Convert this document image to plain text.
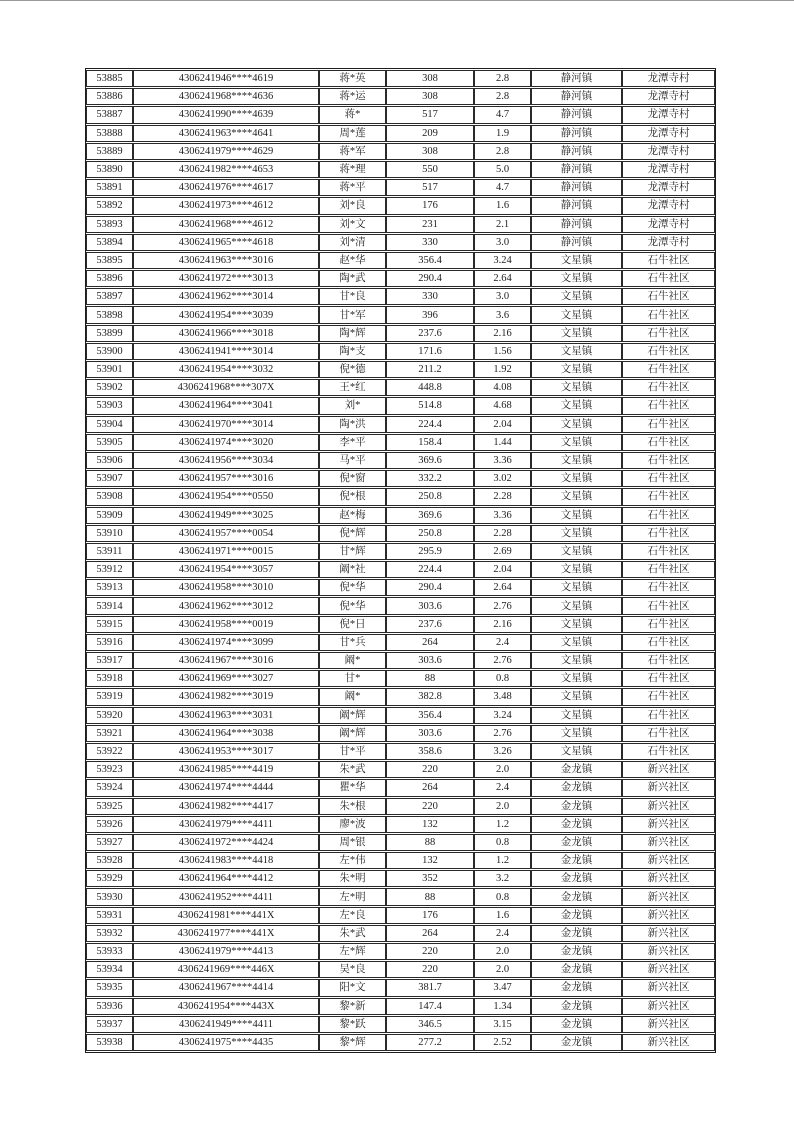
53885	4306241946****4619	蒋*英	308	2.8	静河镇	龙潭寺村
53886	4306241968****4636	蒋*运	308	2.8	静河镇	龙潭寺村
53887	4306241990****4639	蒋*	517	4.7	静河镇	龙潭寺村
53888	4306241963****4641	周*莲	209	1.9	静河镇	龙潭寺村
53889	4306241979****4629	蒋*军	308	2.8	静河镇	龙潭寺村
53890	4306241982****4653	蒋*理	550	5.0	静河镇	龙潭寺村
53891	4306241976****4617	蒋*平	517	4.7	静河镇	龙潭寺村
53892	4306241973****4612	刘*良	176	1.6	静河镇	龙潭寺村
53893	4306241968****4612	刘*文	231	2.1	静河镇	龙潭寺村
53894	4306241965****4618	刘*清	330	3.0	静河镇	龙潭寺村
53895	4306241963****3016	赵*华	356.4	3.24	文星镇	石牛社区
53896	4306241972****3013	陶*武	290.4	2.64	文星镇	石牛社区
53897	4306241962****3014	甘*良	330	3.0	文星镇	石牛社区
53898	4306241954****3039	甘*军	396	3.6	文星镇	石牛社区
53899	4306241966****3018	陶*辉	237.6	2.16	文星镇	石牛社区
53900	4306241941****3014	陶*支	171.6	1.56	文星镇	石牛社区
53901	4306241954****3032	倪*德	211.2	1.92	文星镇	石牛社区
53902	4306241968****307X	王*红	448.8	4.08	文星镇	石牛社区
53903	4306241964****3041	刘*	514.8	4.68	文星镇	石牛社区
53904	4306241970****3014	陶*洪	224.4	2.04	文星镇	石牛社区
53905	4306241974****3020	李*平	158.4	1.44	文星镇	石牛社区
53906	4306241956****3034	马*平	369.6	3.36	文星镇	石牛社区
53907	4306241957****3016	倪*窗	332.2	3.02	文星镇	石牛社区
53908	4306241954****0550	倪*根	250.8	2.28	文星镇	石牛社区
53909	4306241949****3025	赵*梅	369.6	3.36	文星镇	石牛社区
53910	4306241957****0054	倪*辉	250.8	2.28	文星镇	石牛社区
53911	4306241971****0015	甘*辉	295.9	2.69	文星镇	石牛社区
53912	4306241954****3057	阚*社	224.4	2.04	文星镇	石牛社区
53913	4306241958****3010	倪*华	290.4	2.64	文星镇	石牛社区
53914	4306241962****3012	倪*华	303.6	2.76	文星镇	石牛社区
53915	4306241958****0019	倪*日	237.6	2.16	文星镇	石牛社区
53916	4306241974****3099	甘*兵	264	2.4	文星镇	石牛社区
53917	4306241967****3016	阚*	303.6	2.76	文星镇	石牛社区
53918	4306241969****3027	甘*	88	0.8	文星镇	石牛社区
53919	4306241982****3019	阚*	382.8	3.48	文星镇	石牛社区
53920	4306241963****3031	阚*辉	356.4	3.24	文星镇	石牛社区
53921	4306241964****3038	阚*辉	303.6	2.76	文星镇	石牛社区
53922	4306241953****3017	甘*平	358.6	3.26	文星镇	石牛社区
53923	4306241985****4419	朱*武	220	2.0	金龙镇	新兴社区
53924	4306241974****4444	瞿*华	264	2.4	金龙镇	新兴社区
53925	4306241982****4417	朱*根	220	2.0	金龙镇	新兴社区
53926	4306241979****4411	廖*波	132	1.2	金龙镇	新兴社区
53927	4306241972****4424	周*银	88	0.8	金龙镇	新兴社区
53928	4306241983****4418	左*伟	132	1.2	金龙镇	新兴社区
53929	4306241964****4412	朱*明	352	3.2	金龙镇	新兴社区
53930	4306241952****4411	左*明	88	0.8	金龙镇	新兴社区
53931	4306241981****441X	左*良	176	1.6	金龙镇	新兴社区
53932	4306241977****441X	朱*武	264	2.4	金龙镇	新兴社区
53933	4306241979****4413	左*辉	220	2.0	金龙镇	新兴社区
53934	4306241969****446X	吴*良	220	2.0	金龙镇	新兴社区
53935	4306241967****4414	阳*文	381.7	3.47	金龙镇	新兴社区
53936	4306241954****443X	黎*新	147.4	1.34	金龙镇	新兴社区
53937	4306241949****4411	黎*跃	346.5	3.15	金龙镇	新兴社区
53938	4306241975****4435	黎*辉	277.2	2.52	金龙镇	新兴社区
